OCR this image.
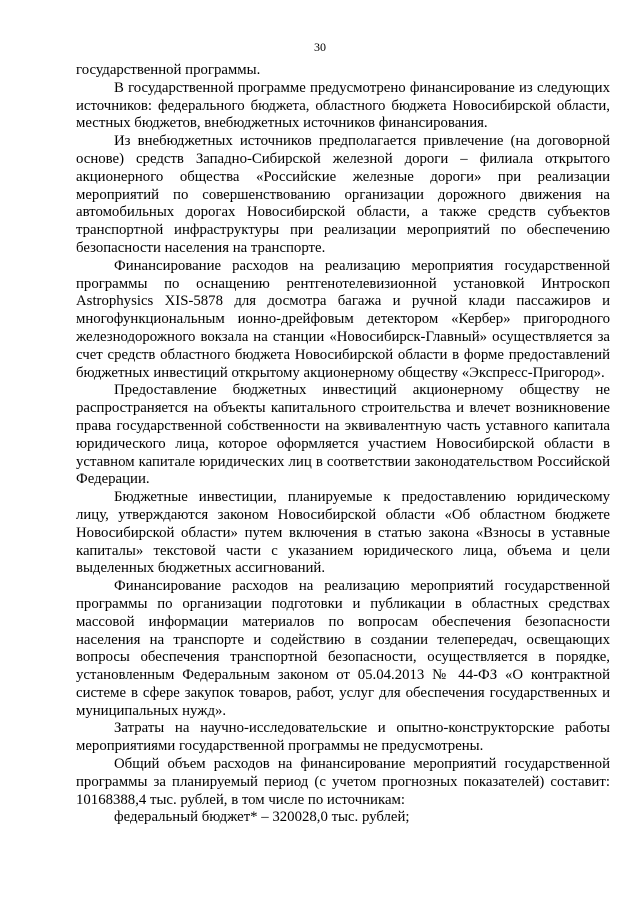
30

государственной программы.

В государственной программе предусмотрено финансирование из следующих источников: федерального бюджета, областного бюджета Новосибирской области, местных бюджетов, внебюджетных источников финансирования.

Из внебюджетных источников предполагается привлечение (на договорной основе) средств Западно-Сибирской железной дороги – филиала открытого акционерного общества «Российские железные дороги» при реализации мероприятий по совершенствованию организации дорожного движения на автомобильных дорогах Новосибирской области, а также средств субъектов транспортной инфраструктуры при реализации мероприятий по обеспечению безопасности населения на транспорте.

Финансирование расходов на реализацию мероприятия государственной программы по оснащению рентгенотелевизионной установкой Интроскоп Astrophysics XIS-5878 для досмотра багажа и ручной клади пассажиров и многофункциональным ионно-дрейфовым детектором «Кербер» пригородного железнодорожного вокзала на станции «Новосибирск-Главный» осуществляется за счет средств областного бюджета Новосибирской области в форме предоставлений бюджетных инвестиций открытому акционерному обществу «Экспресс-Пригород».

Предоставление бюджетных инвестиций акционерному обществу не распространяется на объекты капитального строительства и влечет возникновение права государственной собственности на эквивалентную часть уставного капитала юридического лица, которое оформляется участием Новосибирской области в уставном капитале юридических лиц в соответствии законодательством Российской Федерации.

Бюджетные инвестиции, планируемые к предоставлению юридическому лицу, утверждаются законом Новосибирской области «Об областном бюджете Новосибирской области» путем включения в статью закона «Взносы в уставные капиталы» текстовой части с указанием юридического лица, объема и цели выделенных бюджетных ассигнований.

Финансирование расходов на реализацию мероприятий государственной программы по организации подготовки и публикации в областных средствах массовой информации материалов по вопросам обеспечения безопасности населения на транспорте и содействию в создании телепередач, освещающих вопросы обеспечения транспортной безопасности, осуществляется в порядке, установленным Федеральным законом от 05.04.2013 № 44-ФЗ «О контрактной системе в сфере закупок товаров, работ, услуг для обеспечения государственных и муниципальных нужд».

Затраты на научно-исследовательские и опытно-конструкторские работы мероприятиями государственной программы не предусмотрены.

Общий объем расходов на финансирование мероприятий государственной программы за планируемый период (с учетом прогнозных показателей) составит: 10168388,4 тыс. рублей, в том числе по источникам:

федеральный бюджет* – 320028,0 тыс. рублей;
